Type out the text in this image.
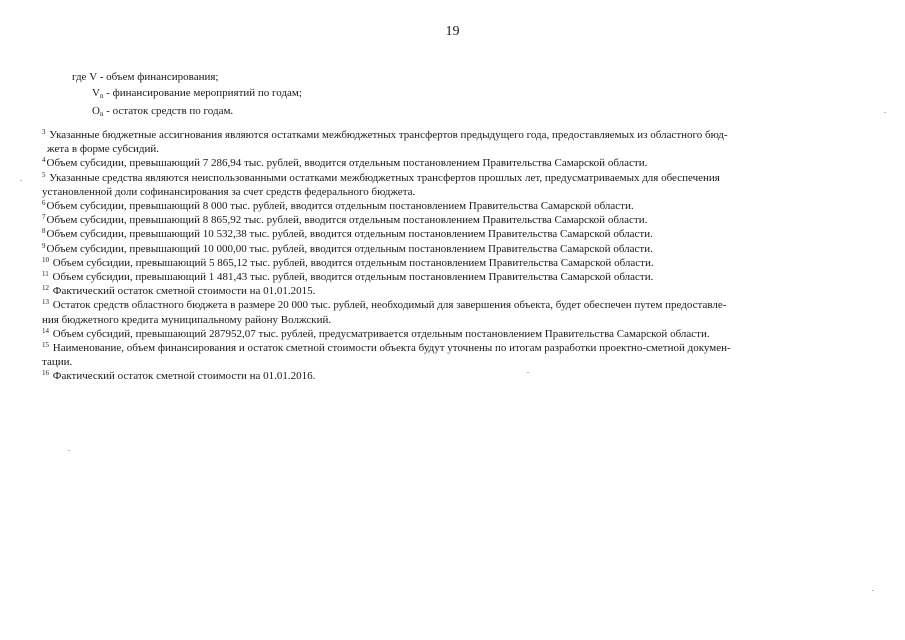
19
где V - объем финансирования;
$V_n$ - финансирование мероприятий по годам;
$O_n$ - остаток средств по годам.
$^3$ Указанные бюджетные ассигнования являются остатками межбюджетных трансфертов предыдущего года, предоставляемых из областного бюд-
жета в форме субсидий.
$^4$Объем субсидии, превышающий 7 286,94 тыс. рублей, вводится отдельным постановлением Правительства Самарской области.
$^5$ Указанные средства являются неиспользованными остатками межбюджетных трансфертов прошлых лет, предусматриваемых для обеспечения
установленной доли софинансирования за счет средств федерального бюджета.
$^6$Объем субсидии, превышающий 8 000 тыс. рублей, вводится отдельным постановлением Правительства Самарской области.
$^7$Объем субсидии, превышающий 8 865,92 тыс. рублей, вводится отдельным постановлением Правительства Самарской области.
$^8$Объем субсидии, превышающий 10 532,38 тыс. рублей, вводится отдельным постановлением Правительства Самарской области.
$^9$Объем субсидии, превышающий 10 000,00 тыс. рублей, вводится отдельным постановлением Правительства Самарской области.
$^{10}$ Объем субсидии, превышающий 5 865,12 тыс. рублей, вводится отдельным постановлением Правительства Самарской области.
$^{11}$ Объем субсидии, превышающий 1 481,43 тыс. рублей, вводится отдельным постановлением Правительства Самарской области.
$^{12}$ Фактический остаток сметной стоимости на 01.01.2015.
$^{13}$ Остаток средств областного бюджета в размере 20 000 тыс. рублей, необходимый для завершения объекта, будет обеспечен путем предоставле-
ния бюджетного кредита муниципальному району Волжский.
$^{14}$ Объем субсидий, превышающий 287952,07 тыс. рублей, предусматривается отдельным постановлением Правительства Самарской области.
$^{15}$ Наименование, объем финансирования и остаток сметной стоимости объекта будут уточнены по итогам разработки проектно-сметной докумен-
тации.
$^{16}$ Фактический остаток сметной стоимости на 01.01.2016.
